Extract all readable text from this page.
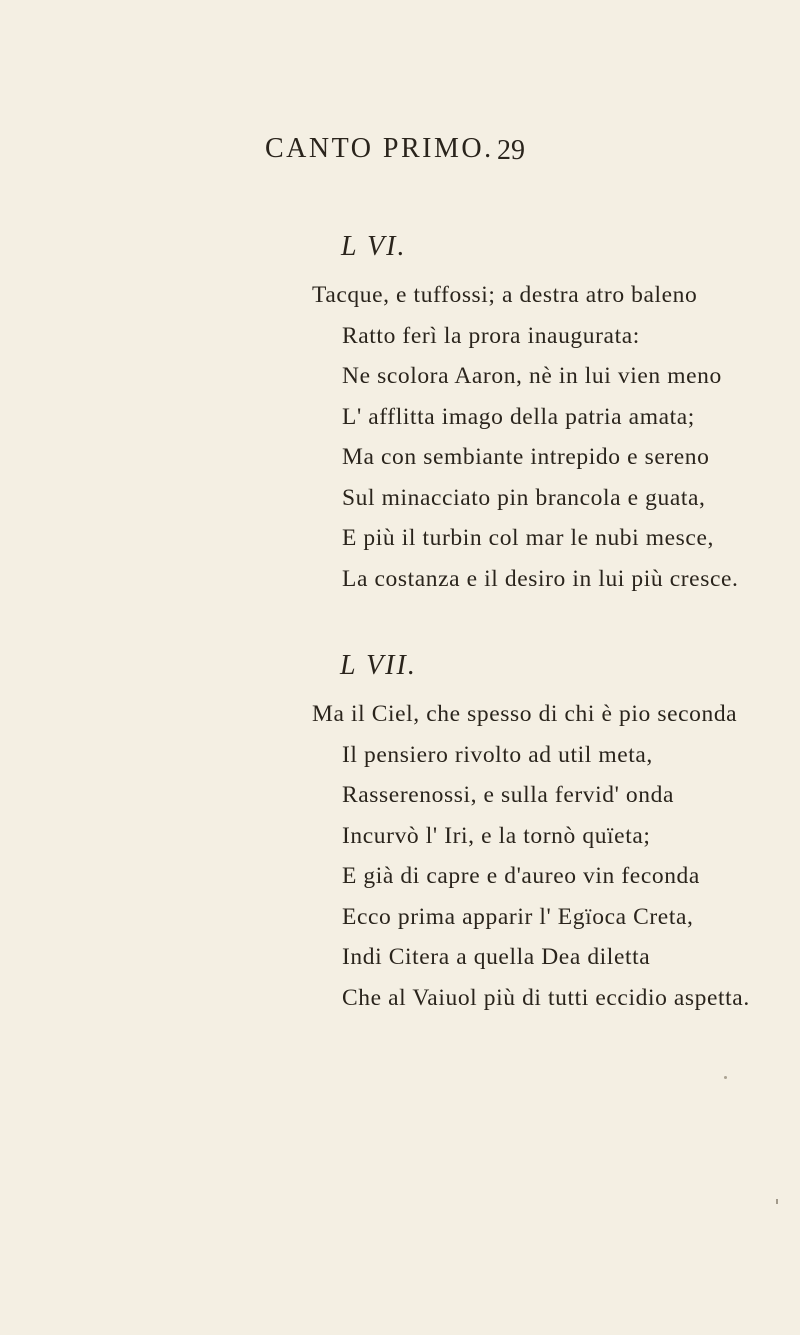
CANTO PRIMO. 29
L VI.
Tacque, e tuffossi; a destra atro baleno
Ratto ferì la prora inaugurata:
Ne scolora Aaron, nè in lui vien meno
L' afflitta imago della patria amata;
Ma con sembiante intrepido e sereno
Sul minacciato pin brancola e guata,
E più il turbin col mar le nubi mesce,
La costanza e il desiro in lui più cresce.
L VII.
Ma il Ciel, che spesso di chi è pio seconda
Il pensiero rivolto ad util meta,
Rasserenossi, e sulla fervid' onda
Incurvò l' Iri, e la tornò quïeta;
E già di capre e d'aureo vin feconda
Ecco prima apparir l' Egïoca Creta,
Indi Citera a quella Dea diletta
Che al Vaiuol più di tutti eccidio aspetta.
